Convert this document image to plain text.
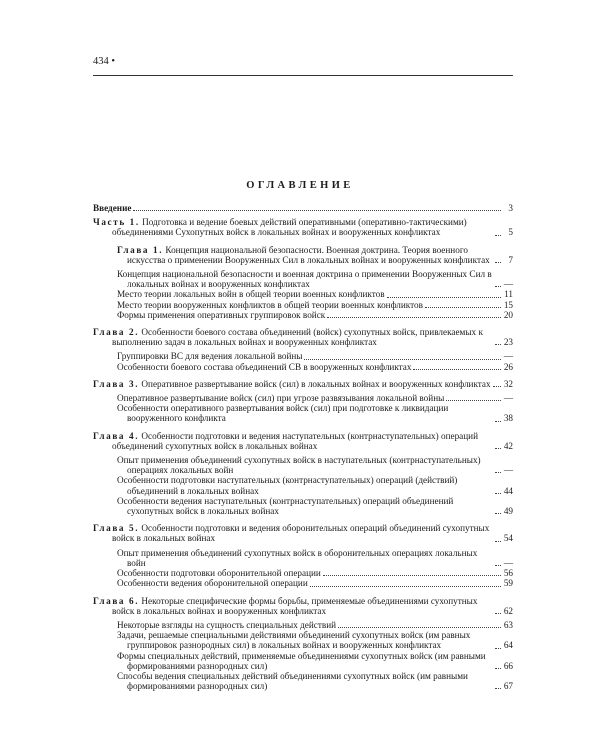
434 •
ОГЛАВЛЕНИЕ
Введение	3
Часть 1. Подготовка и ведение боевых действий оперативными (оперативно-тактическими) объединениями Сухопутных войск в локальных войнах и вооруженных конфликтах	5
Глава 1. Концепция национальной безопасности. Военная доктрина. Теория военного искусства о применении Вооруженных Сил в локальных войнах и вооруженных конфликтах	7
Концепция национальной безопасности и военная доктрина о применении Вооруженных Сил в локальных войнах и вооруженных конфликтах	—
Место теории локальных войн в общей теории военных конфликтов	11
Место теории вооруженных конфликтов в общей теории военных конфликтов	15
Формы применения оперативных группировок войск	20
Глава 2. Особенности боевого состава объединений (войск) сухопутных войск, привлекаемых к выполнению задач в локальных войнах и вооруженных конфликтах	23
Группировки ВС для ведения локальной войны	—
Особенности боевого состава объединений СВ в вооруженных конфликтах	26
Глава 3. Оперативное развертывание войск (сил) в локальных войнах и вооруженных конфликтах 32
Оперативное развертывание войск (сил) при угрозе развязывания локальной войны	—
Особенности оперативного развертывания войск (сил) при подготовке к ликвидации вооруженного конфликта	38
Глава 4. Особенности подготовки и ведения наступательных (контрнаступательных) операций объединений сухопутных войск в локальных войнах	42
Опыт применения объединений сухопутных войск в наступательных (контрнаступательных) операциях локальных войн	—
Особенности подготовки наступательных (контрнаступательных) операций (действий) объединений в локальных войнах	44
Особенности ведения наступательных (контрнаступательных) операций объединений сухопутных войск в локальных войнах	49
Глава 5. Особенности подготовки и ведения оборонительных операций объединений сухопутных войск в локальных войнах	54
Опыт применения объединений сухопутных войск в оборонительных операциях локальных войн	—
Особенности подготовки оборонительной операции	56
Особенности ведения оборонительной операции	59
Глава 6. Некоторые специфические формы борьбы, применяемые объединениями сухопутных войск в локальных войнах и вооруженных конфликтах	62
Некоторые взгляды на сущность специальных действий	63
Задачи, решаемые специальными действиями объединений сухопутных войск (им равных группировок разнородных сил) в локальных войнах и вооруженных конфликтах	64
Формы специальных действий, применяемые объединениями сухопутных войск (им равными формированиями разнородных сил)	66
Способы ведения специальных действий объединениями сухопутных войск (им равными формированиями разнородных сил)	67
